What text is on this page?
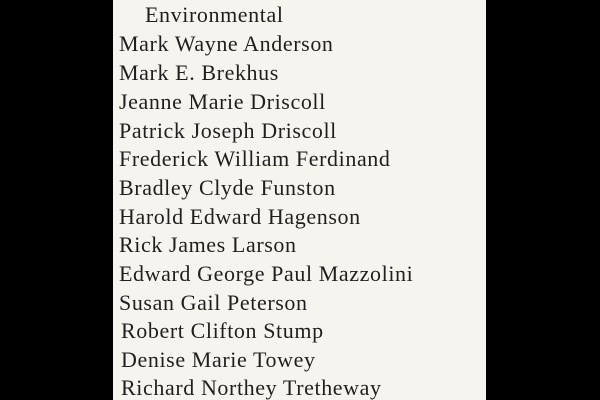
Environmental
Mark Wayne Anderson
Mark E. Brekhus
Jeanne Marie Driscoll
Patrick Joseph Driscoll
Frederick William Ferdinand
Bradley Clyde Funston
Harold Edward Hagenson
Rick James Larson
Edward George Paul Mazzolini
Susan Gail Peterson
Robert Clifton Stump
Denise Marie Towey
Richard Northey Tretheway
